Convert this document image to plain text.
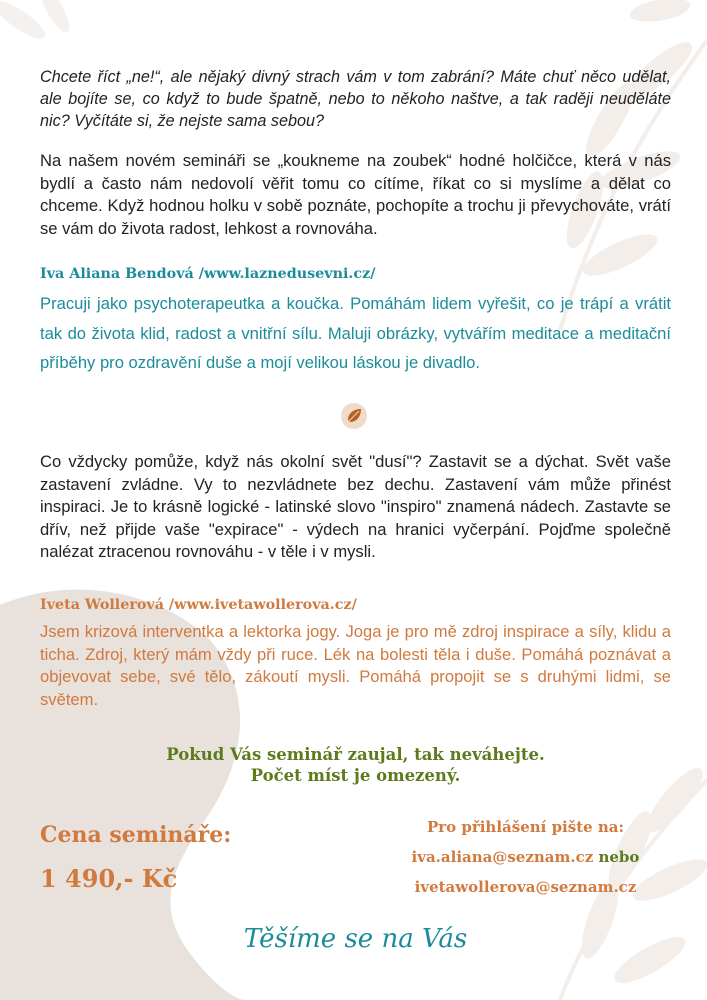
Chcete říct „ne!“, ale nějaký divný strach vám v tom zabrání? Máte chuť něco udělat, ale bojíte se, co když to bude špatně, nebo to někoho naštve, a tak raději neuděláte nic? Vyčítáte si, že nejste sama sebou?

Na našem novém semináři se „koukneme na zoubek“ hodné holčičce, která v nás bydlí a často nám nedovolí věřit tomu co cítíme, říkat co si myslíme a dělat co chceme. Když hodnou holku v sobě poznáte, pochopíte a trochu ji převychováte, vrátí se vám do života radost, lehkost a rovnováha.

Iva Aliana Bendová /www.laznedusevni.cz/

Pracuji jako psychoterapeutka a koučka. Pomáhám lidem vyřešit, co je trápí a vrátit tak do života klid, radost a vnitřní sílu. Maluji obrázky, vytvářím meditace a meditační příběhy pro ozdravění duše a mojí velikou láskou je divadlo.

Co vždycky pomůže, když nás okolní svět "dusí"? Zastavit se a dýchat. Svět vaše zastavení zvládne. Vy to nezvládnete bez dechu. Zastavení vám může přinést inspiraci. Je to krásně logické - latinské slovo "inspiro" znamená nádech. Zastavte se dřív, než přijde vaše "expirace" - výdech na hranici vyčerpání. Pojďme společně nalézat ztracenou rovnováhu - v těle i v mysli.

Iveta Wollerová /www.ivetawollerova.cz/

Jsem krizová interventka a lektorka jogy. Joga je pro mě zdroj inspirace a síly, klidu a ticha. Zdroj, který mám vždy při ruce. Lék na bolesti těla i duše. Pomáhá poznávat a objevovat sebe, své tělo, zákoutí mysli. Pomáhá propojit se s druhými lidmi, se světem.

Pokud Vás seminář zaujal, tak neváhejte.
Počet míst je omezený.
Cena semináře:
1 490,- Kč
Pro přihlášení pište na:
iva.aliana@seznam.cz nebo
ivetawollerova@seznam.cz
Těšíme se na Vás
